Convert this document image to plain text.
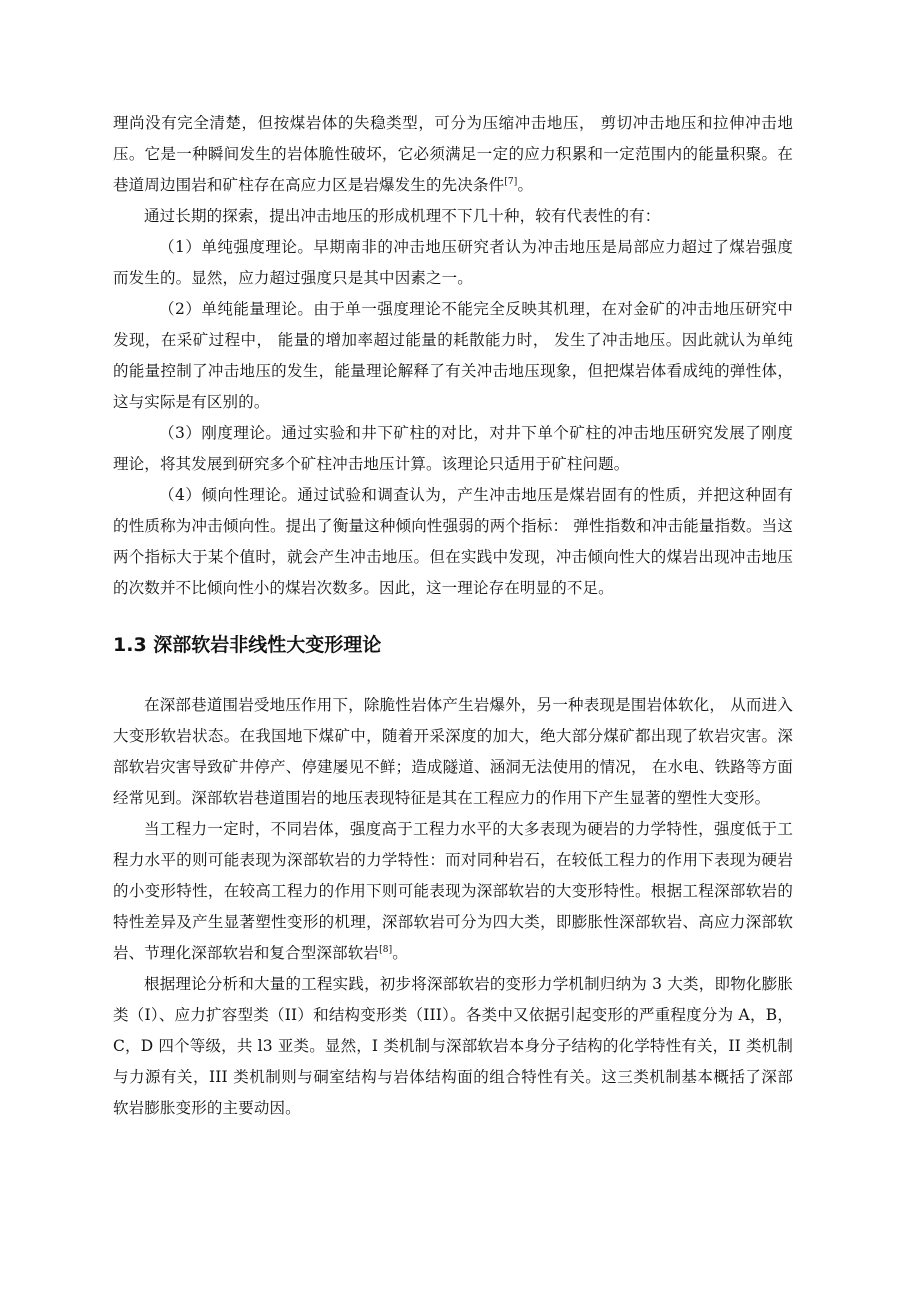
理尚没有完全清楚，但按煤岩体的失稳类型，可分为压缩冲击地压， 剪切冲击地压和拉伸冲击地压。它是一种瞬间发生的岩体脆性破坏，它必须满足一定的应力积累和一定范围内的能量积聚。在巷道周边围岩和矿柱存在高应力区是岩爆发生的先决条件[7]。

通过长期的探索，提出冲击地压的形成机理不下几十种，较有代表性的有：

（1）单纯强度理论。早期南非的冲击地压研究者认为冲击地压是局部应力超过了煤岩强度而发生的。显然，应力超过强度只是其中因素之一。

（2）单纯能量理论。由于单一强度理论不能完全反映其机理，在对金矿的冲击地压研究中发现，在采矿过程中， 能量的增加率超过能量的耗散能力时， 发生了冲击地压。因此就认为单纯的能量控制了冲击地压的发生，能量理论解释了有关冲击地压现象，但把煤岩体看成纯的弹性体，这与实际是有区别的。

（3）刚度理论。通过实验和井下矿柱的对比，对井下单个矿柱的冲击地压研究发展了刚度理论，将其发展到研究多个矿柱冲击地压计算。该理论只适用于矿柱问题。

（4）倾向性理论。通过试验和调查认为，产生冲击地压是煤岩固有的性质，并把这种固有的性质称为冲击倾向性。提出了衡量这种倾向性强弱的两个指标： 弹性指数和冲击能量指数。当这两个指标大于某个值时，就会产生冲击地压。但在实践中发现，冲击倾向性大的煤岩出现冲击地压的次数并不比倾向性小的煤岩次数多。因此，这一理论存在明显的不足。

1.3 深部软岩非线性大变形理论

在深部巷道围岩受地压作用下，除脆性岩体产生岩爆外，另一种表现是围岩体软化， 从而进入大变形软岩状态。在我国地下煤矿中，随着开采深度的加大，绝大部分煤矿都出现了软岩灾害。深部软岩灾害导致矿井停产、停建屡见不鲜；造成隧道、涵洞无法使用的情况， 在水电、铁路等方面经常见到。深部软岩巷道围岩的地压表现特征是其在工程应力的作用下产生显著的塑性大变形。

当工程力一定时，不同岩体，强度高于工程力水平的大多表现为硬岩的力学特性，强度低于工程力水平的则可能表现为深部软岩的力学特性：而对同种岩石，在较低工程力的作用下表现为硬岩的小变形特性，在较高工程力的作用下则可能表现为深部软岩的大变形特性。根据工程深部软岩的特性差异及产生显著塑性变形的机理，深部软岩可分为四大类，即膨胀性深部软岩、高应力深部软岩、节理化深部软岩和复合型深部软岩[8]。

根据理论分析和大量的工程实践，初步将深部软岩的变形力学机制归纳为 3 大类，即物化膨胀类（I）、应力扩容型类（II）和结构变形类（III）。各类中又依据引起变形的严重程度分为 A，B，C，D 四个等级，共 l3 亚类。显然，I 类机制与深部软岩本身分子结构的化学特性有关，II 类机制与力源有关，III 类机制则与硐室结构与岩体结构面的组合特性有关。这三类机制基本概括了深部软岩膨胀变形的主要动因。
